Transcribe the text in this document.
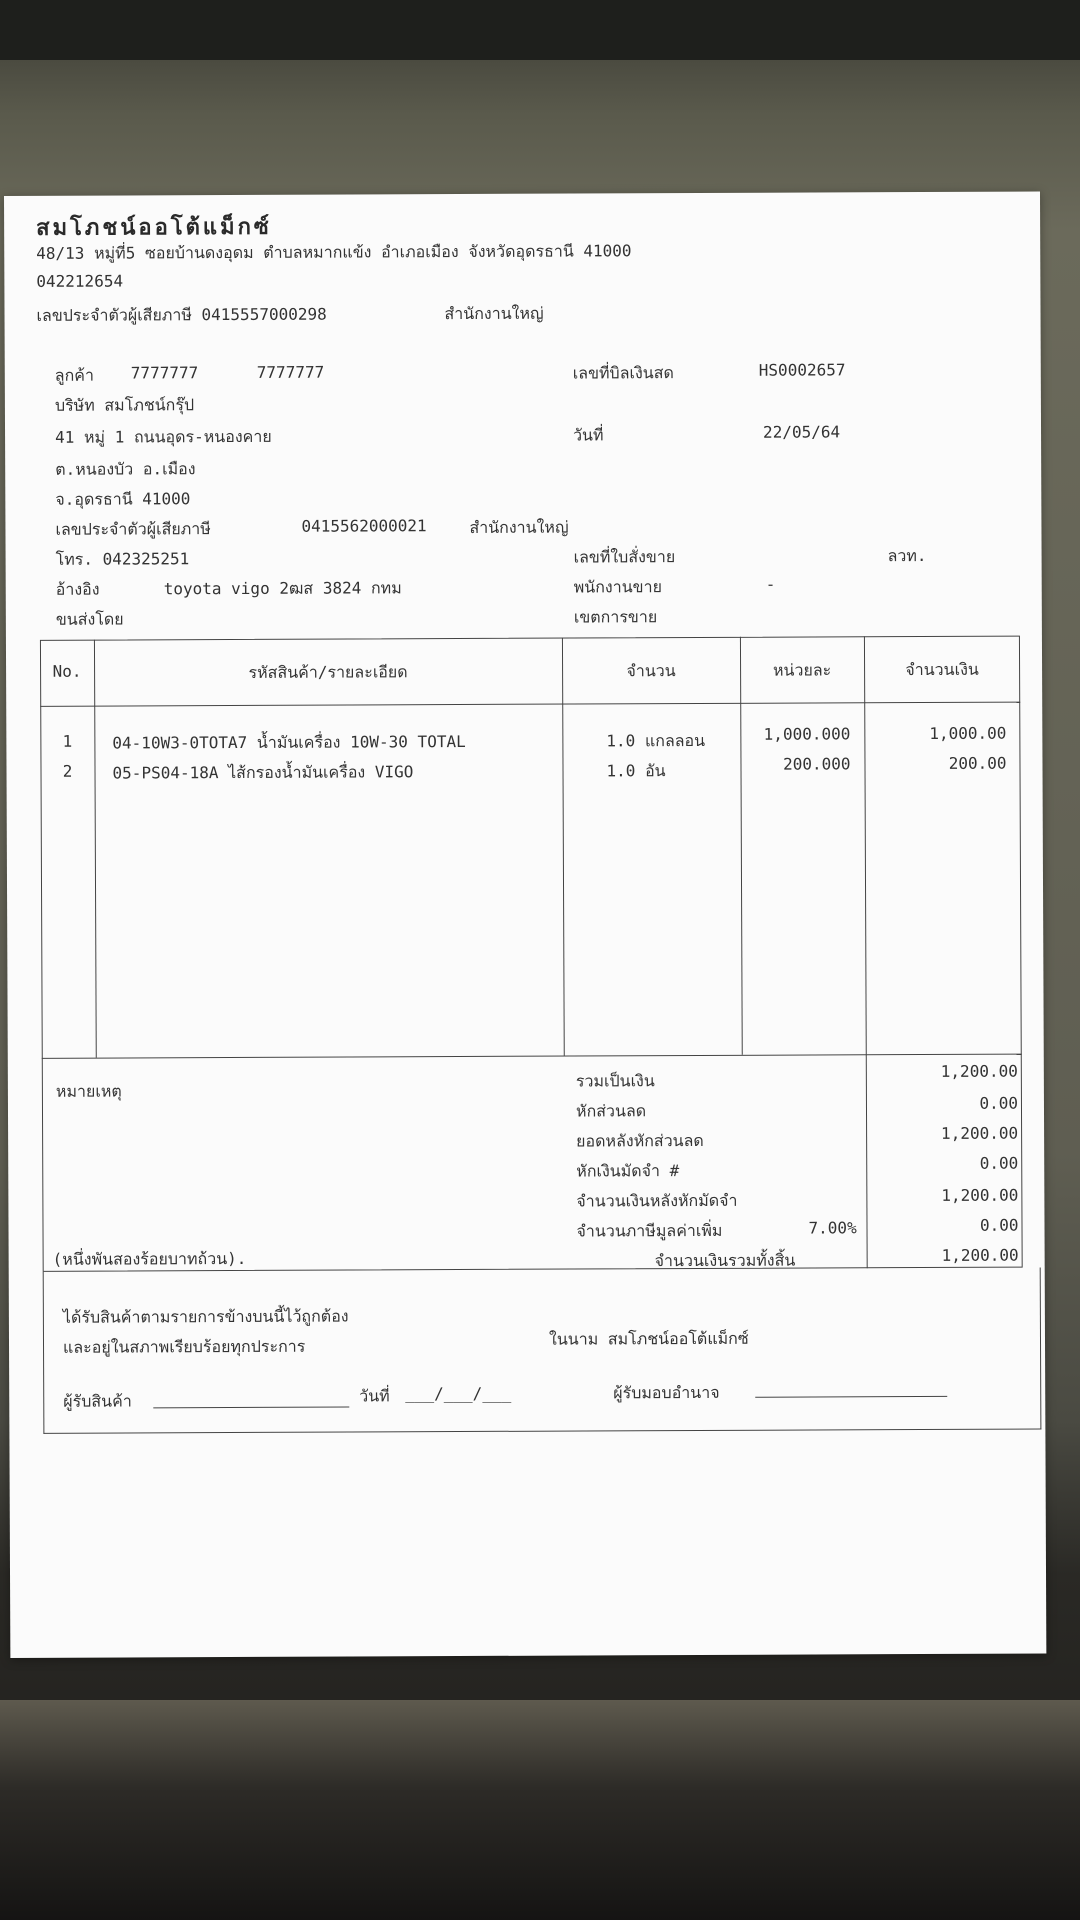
สมโภชน์ออโต้แม็กซ์
48/13 หมู่ที่5 ซอยบ้านดงอุดม ตำบลหมากแข้ง อำเภอเมือง จังหวัดอุดรธานี 41000
042212654
เลขประจำตัวผู้เสียภาษี 0415557000298	สำนักงานใหญ่
ลูกค้า 7777777	7777777
บริษัท สมโภชน์กรุ๊ป
41 หมู่ 1 ถนนอุดร-หนองคาย
ต.หนองบัว อ.เมือง
จ.อุดรธานี 41000
เลขประจำตัวผู้เสียภาษี	0415562000021	สำนักงานใหญ่
โทร. 042325251
อ้างอิง	toyota vigo 2ฒส 3824 กทม
ขนส่งโดย
เลขที่บิลเงินสด	HS0002657
วันที่	22/05/64
เลขที่ใบสั่งขาย	ลวท.
พนักงานขาย	-
เขตการขาย
No.	รหัสสินค้า/รายละเอียด	จำนวน	หน่วยละ	จำนวนเงิน
1	04-10W3-0TOTA7 น้ำมันเครื่อง 10W-30 TOTAL	1.0 แกลลอน	1,000.000	1,000.00
2	05-PS04-18A ไส้กรองน้ำมันเครื่อง VIGO	1.0 อัน	200.000	200.00
หมายเหตุ
(หนึ่งพันสองร้อยบาทถ้วน).
รวมเป็นเงิน	1,200.00
หักส่วนลด	0.00
ยอดหลังหักส่วนลด	1,200.00
หักเงินมัดจำ #	0.00
จำนวนเงินหลังหักมัดจำ	1,200.00
จำนวนภาษีมูลค่าเพิ่ม	7.00%	0.00
จำนวนเงินรวมทั้งสิ้น	1,200.00
ได้รับสินค้าตามรายการข้างบนนี้ไว้ถูกต้อง
และอยู่ในสภาพเรียบร้อยทุกประการ	ในนาม สมโภชน์ออโต้แม็กซ์
ผู้รับสินค้า	วันที่ ___/___/___	ผู้รับมอบอำนาจ
